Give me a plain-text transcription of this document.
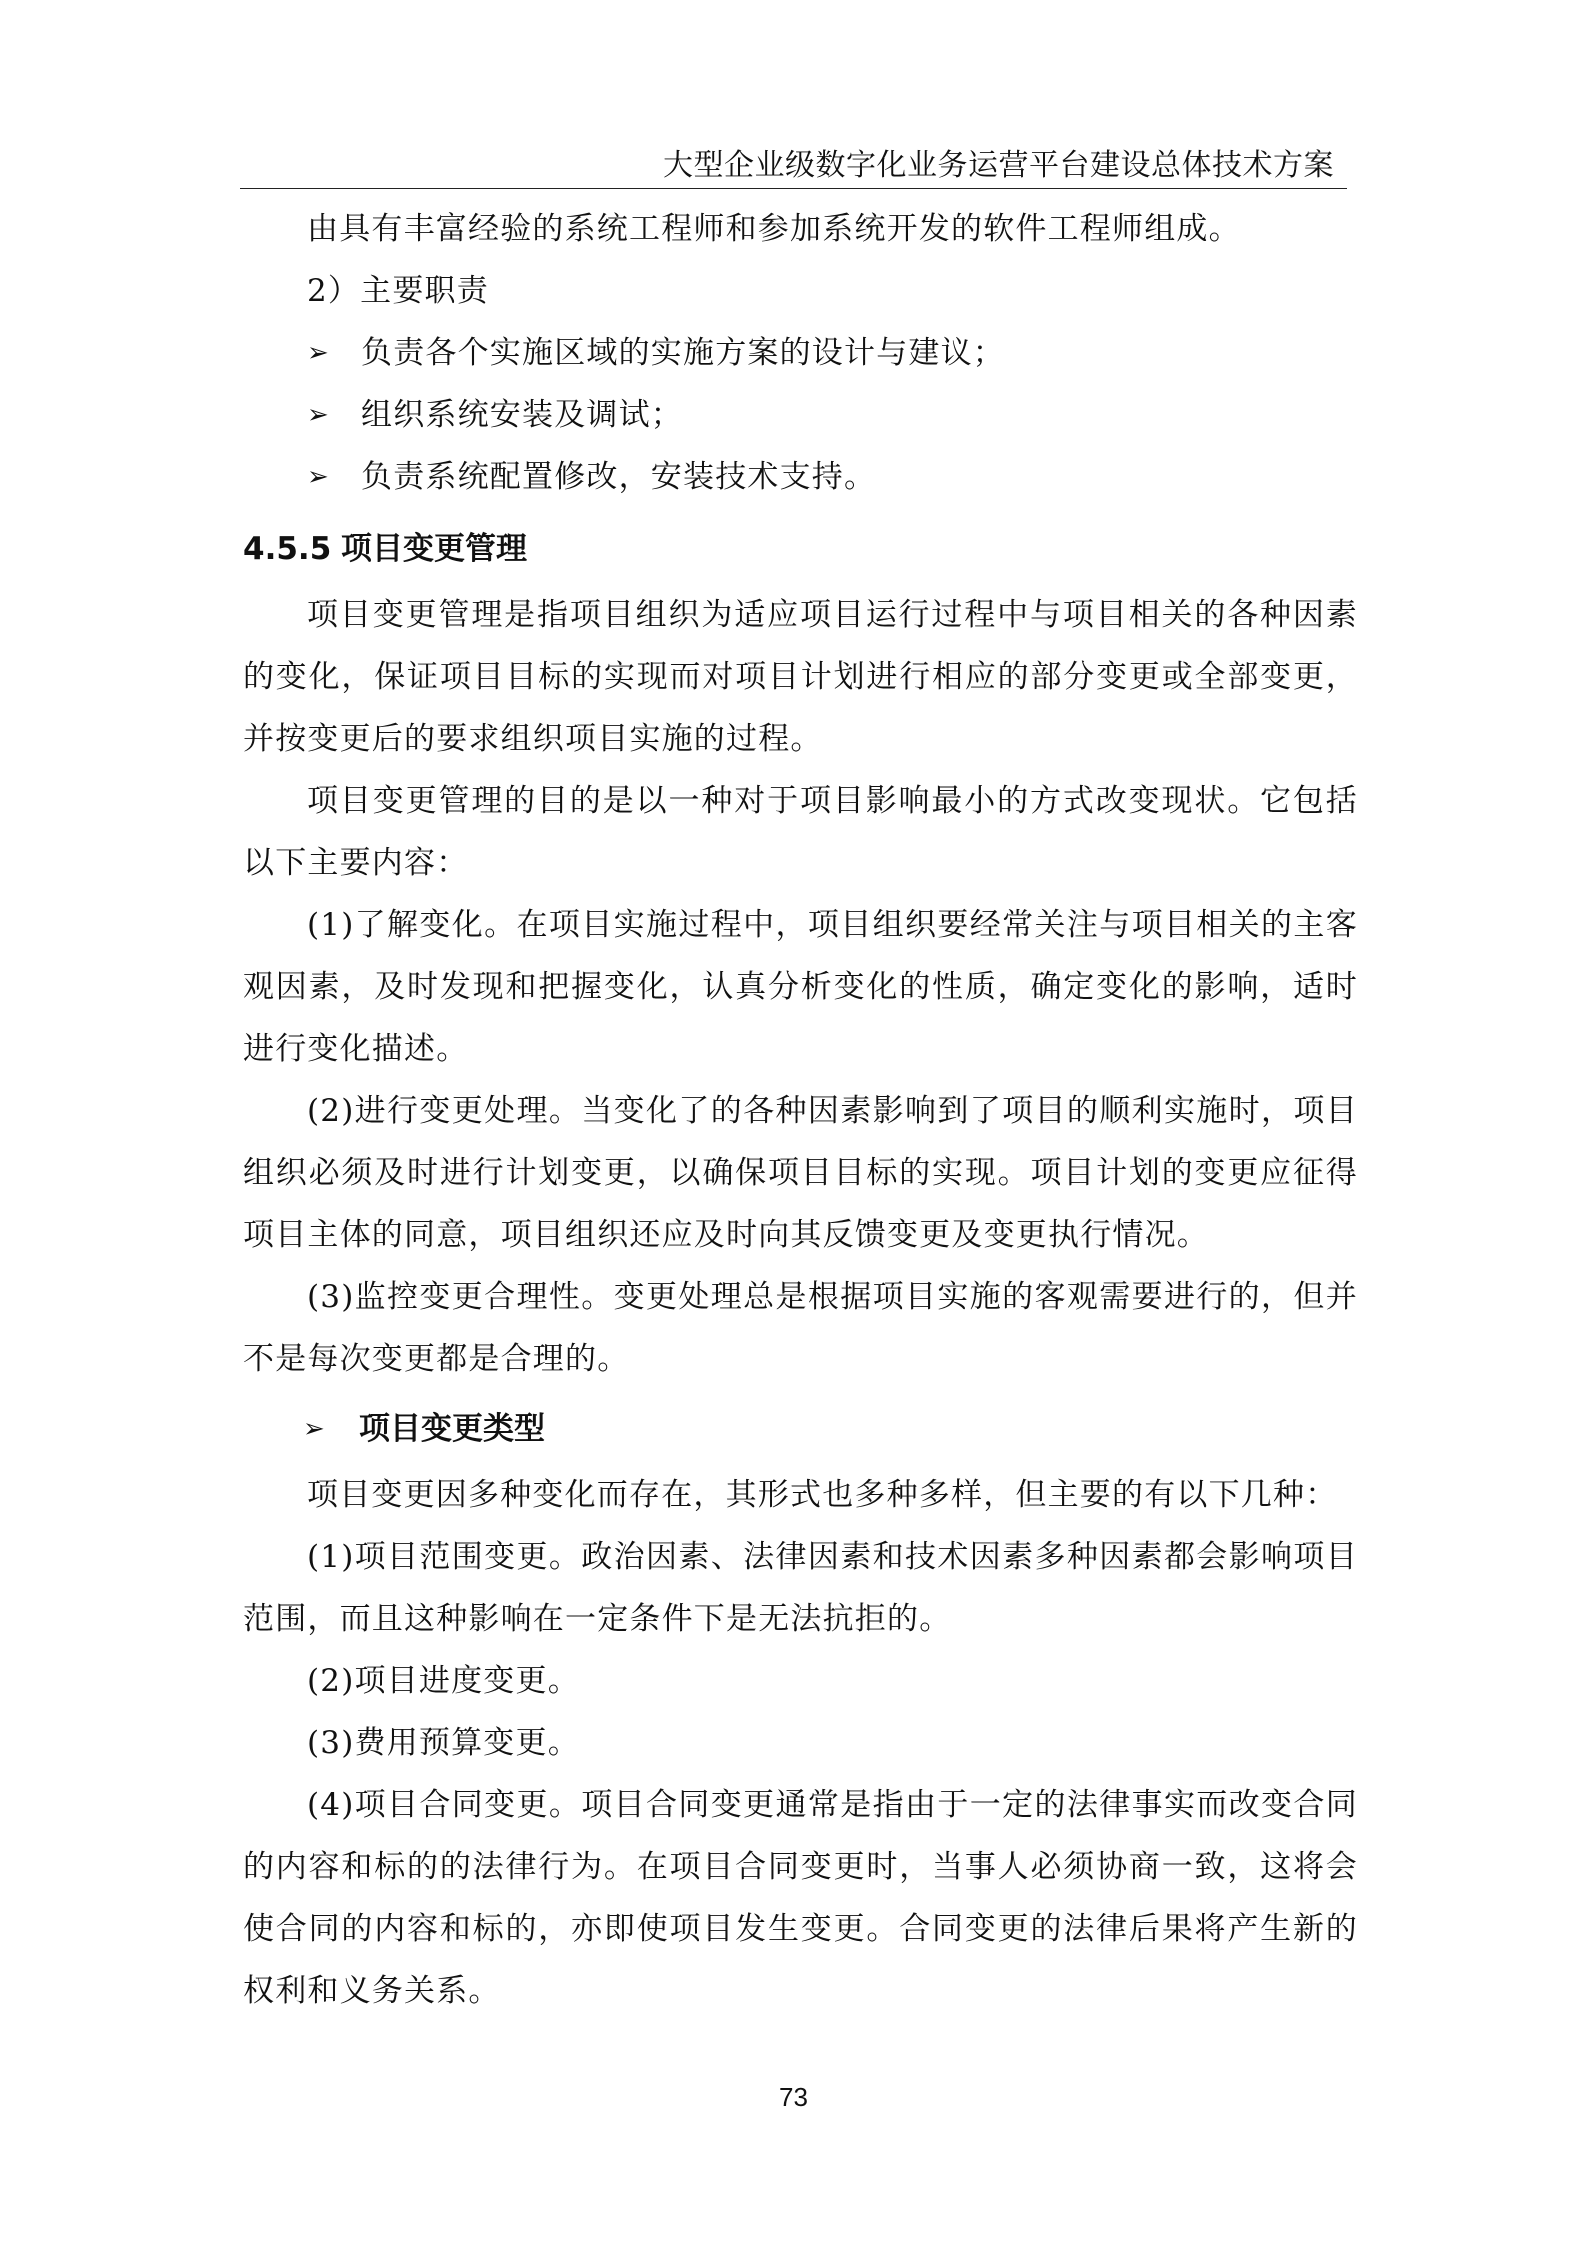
大型企业级数字化业务运营平台建设总体技术方案

由具有丰富经验的系统工程师和参加系统开发的软件工程师组成。

2）主要职责

➢	负责各个实施区域的实施方案的设计与建议；
➢	组织系统安装及调试；
➢	负责系统配置修改，安装技术支持。
4.5.5 项目变更管理

项目变更管理是指项目组织为适应项目运行过程中与项目相关的各种因素的变化，保证项目目标的实现而对项目计划进行相应的部分变更或全部变更，并按变更后的要求组织项目实施的过程。

项目变更管理的目的是以一种对于项目影响最小的方式改变现状。它包括以下主要内容：

(1)了解变化。在项目实施过程中，项目组织要经常关注与项目相关的主客观因素，及时发现和把握变化，认真分析变化的性质，确定变化的影响，适时进行变化描述。

(2)进行变更处理。当变化了的各种因素影响到了项目的顺利实施时，项目组织必须及时进行计划变更，以确保项目目标的实现。项目计划的变更应征得项目主体的同意，项目组织还应及时向其反馈变更及变更执行情况。

(3)监控变更合理性。变更处理总是根据项目实施的客观需要进行的，但并不是每次变更都是合理的。

➢	项目变更类型

项目变更因多种变化而存在，其形式也多种多样，但主要的有以下几种：

(1)项目范围变更。政治因素、法律因素和技术因素多种因素都会影响项目范围，而且这种影响在一定条件下是无法抗拒的。

(2)项目进度变更。

(3)费用预算变更。

(4)项目合同变更。项目合同变更通常是指由于一定的法律事实而改变合同的内容和标的的法律行为。在项目合同变更时，当事人必须协商一致，这将会使合同的内容和标的，亦即使项目发生变更。合同变更的法律后果将产生新的权利和义务关系。

73
